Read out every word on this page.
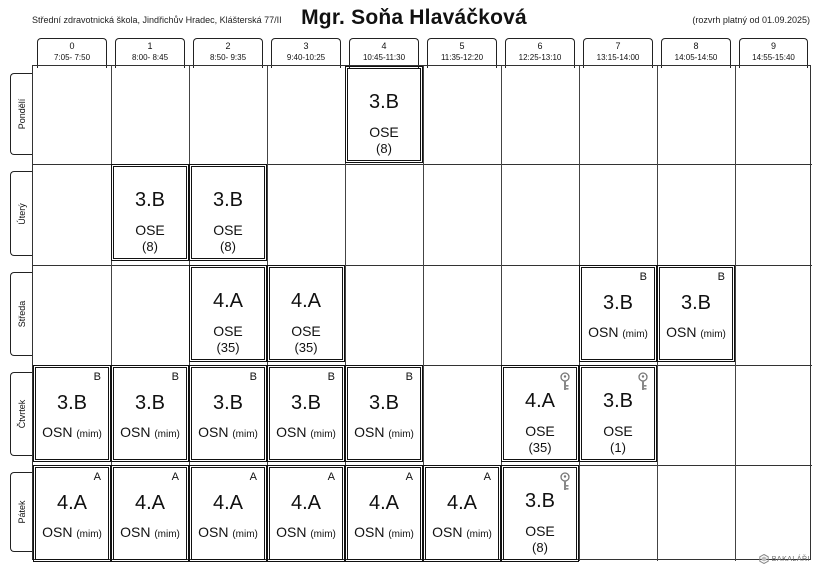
Střední zdravotnická škola, Jindřichův Hradec, Klášterská 77/II Mgr. Soňa Hlaváčková	(rozvrh platný od 01.09.2025)
0
7:05- 7:50
1
8:00- 8:45
2
8:50- 9:35
3
9:40-10:25
4
10:45-11:30
5
11:35-12:20
6
12:25-13:10
7
13:15-14:00
8
14:05-14:50
9
14:55-15:40
Pondělí
Úterý
Středa
Čtvrtek
Pátek
BAKALÁŘI
3.B
OSE
(8)
3.B
OSE
(8)
3.B
OSE
(8)
4.A
OSE
(35)
4.A
OSE
(35)
B
3.B
OSN (mim)
B
3.B
OSN (mim)
B
3.B
OSN (mim)
B
3.B
OSN (mim)
B
3.B
OSN (mim)
B
3.B
OSN (mim)
B
3.B
OSN (mim)
4.A
OSE
(35)
3.B
OSE
(1)
A
4.A
OSN (mim)
A
4.A
OSN (mim)
A
4.A
OSN (mim)
A
4.A
OSN (mim)
A
4.A
OSN (mim)
A
4.A
OSN (mim)
3.B
OSE
(8)
